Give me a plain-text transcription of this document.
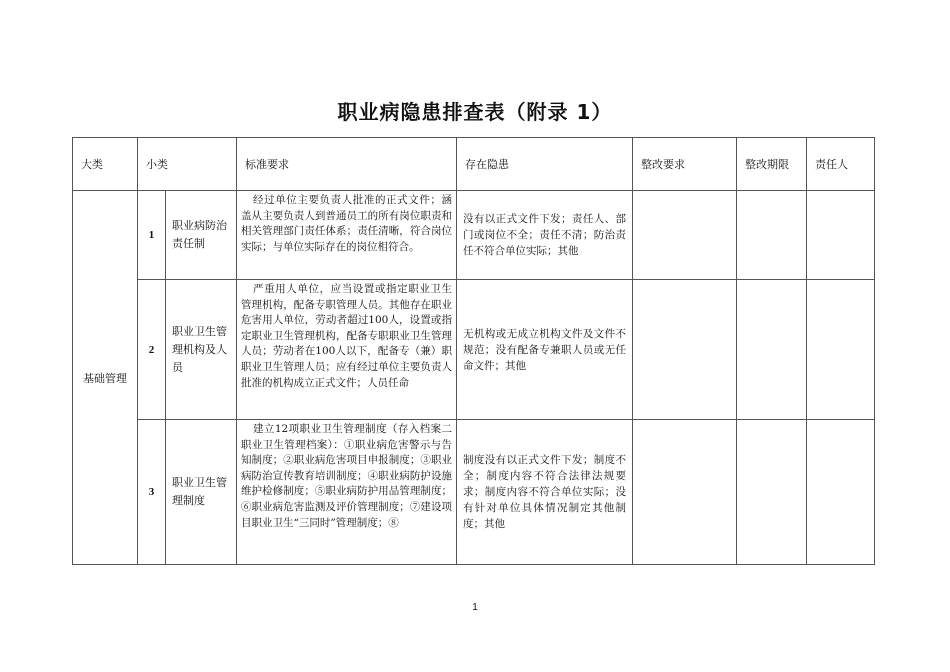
职业病隐患排查表（附录 1）
大类	小类		标准要求	存在隐患	整改要求	整改期限	责任人

基础管理	1	职业病防治责任制	经过单位主要负责人批准的正式文件；涵盖从主要负责人到普通员工的所有岗位职责和相关管理部门责任体系；责任清晰，符合岗位实际；与单位实际存在的岗位相符合。	没有以正式文件下发；责任人、部门或岗位不全；责任不清；防治责任不符合单位实际；其他			
	2	职业卫生管理机构及人员	严重用人单位，应当设置或指定职业卫生管理机构，配备专职管理人员。其他存在职业危害用人单位，劳动者超过100人，设置或指定职业卫生管理机构，配备专职职业卫生管理人员；劳动者在100人以下，配备专（兼）职职业卫生管理人员；应有经过单位主要负责人批准的机构成立正式文件；人员任命	无机构或无成立机构文件及文件不规范；没有配备专兼职人员或无任命文件；其他			
	3	职业卫生管理制度	建立12项职业卫生管理制度（存入档案二职业卫生管理档案）：①职业病危害警示与告知制度；②职业病危害项目申报制度；③职业病防治宣传教育培训制度；④职业病防护设施维护检修制度；⑤职业病防护用品管理制度；⑥职业病危害监测及评价管理制度；⑦建设项目职业卫生“三同时”管理制度；⑧	制度没有以正式文件下发；制度不全；制度内容不符合法律法规要求；制度内容不符合单位实际；没有针对单位具体情况制定其他制度；其他			
1
